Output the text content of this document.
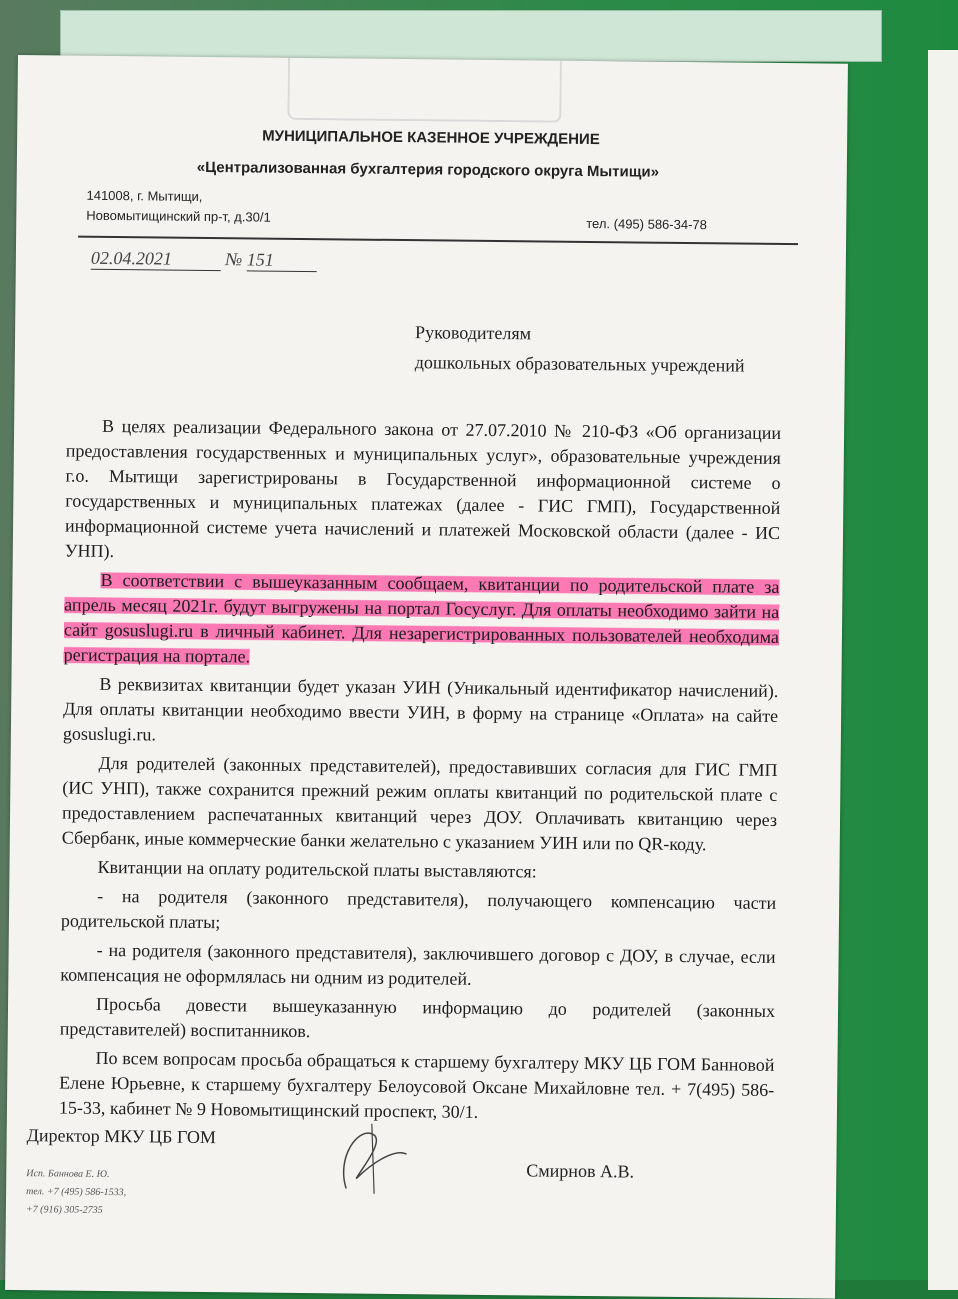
МУНИЦИПАЛЬНОЕ КАЗЕННОЕ УЧРЕЖДЕНИЕ
«Централизованная бухгалтерия городского округа Мытищи»
141008, г. Мытищи,
Новомытищинский пр-т, д.30/1	тел. (495) 586-34-78
02.04.2021	№ 151
Руководителям
дошкольных образовательных учреждений

В целях реализации Федерального закона от 27.07.2010 № 210-ФЗ «Об организации предоставления государственных и муниципальных услуг», образовательные учреждения г.о. Мытищи зарегистрированы в Государственной информационной системе о государственных и муниципальных платежах (далее - ГИС ГМП), Государственной информационной системе учета начислений и платежей Московской области (далее - ИС УНП).

В соответствии с вышеуказанным сообщаем, квитанции по родительской плате за апрель месяц 2021г. будут выгружены на портал Госуслуг. Для оплаты необходимо зайти на сайт gosuslugi.ru в личный кабинет. Для незарегистрированных пользователей необходима регистрация на портале.

В реквизитах квитанции будет указан УИН (Уникальный идентификатор начислений). Для оплаты квитанции необходимо ввести УИН, в форму на странице «Оплата» на сайте gosuslugi.ru.

Для родителей (законных представителей), предоставивших согласия для ГИС ГМП (ИС УНП), также сохранится прежний режим оплаты квитанций по родительской плате с предоставлением распечатанных квитанций через ДОУ. Оплачивать квитанцию через Сбербанк, иные коммерческие банки желательно с указанием УИН или по QR-коду.

Квитанции на оплату родительской платы выставляются:

- на родителя (законного представителя), получающего компенсацию части родительской платы;

- на родителя (законного представителя), заключившего договор с ДОУ, в случае, если компенсация не оформлялась ни одним из родителей.

Просьба довести вышеуказанную информацию до родителей (законных представителей) воспитанников.

По всем вопросам просьба обращаться к старшему бухгалтеру МКУ ЦБ ГОМ Банновой Елене Юрьевне, к старшему бухгалтеру Белоусовой Оксане Михайловне тел. + 7(495) 586-15-33, кабинет № 9 Новомытищинский проспект, 30/1.

Директор МКУ ЦБ ГОМ
Смирнов А.В.
Исп. Баннова Е. Ю.
тел. +7 (495) 586-1533,
+7 (916) 305-2735
